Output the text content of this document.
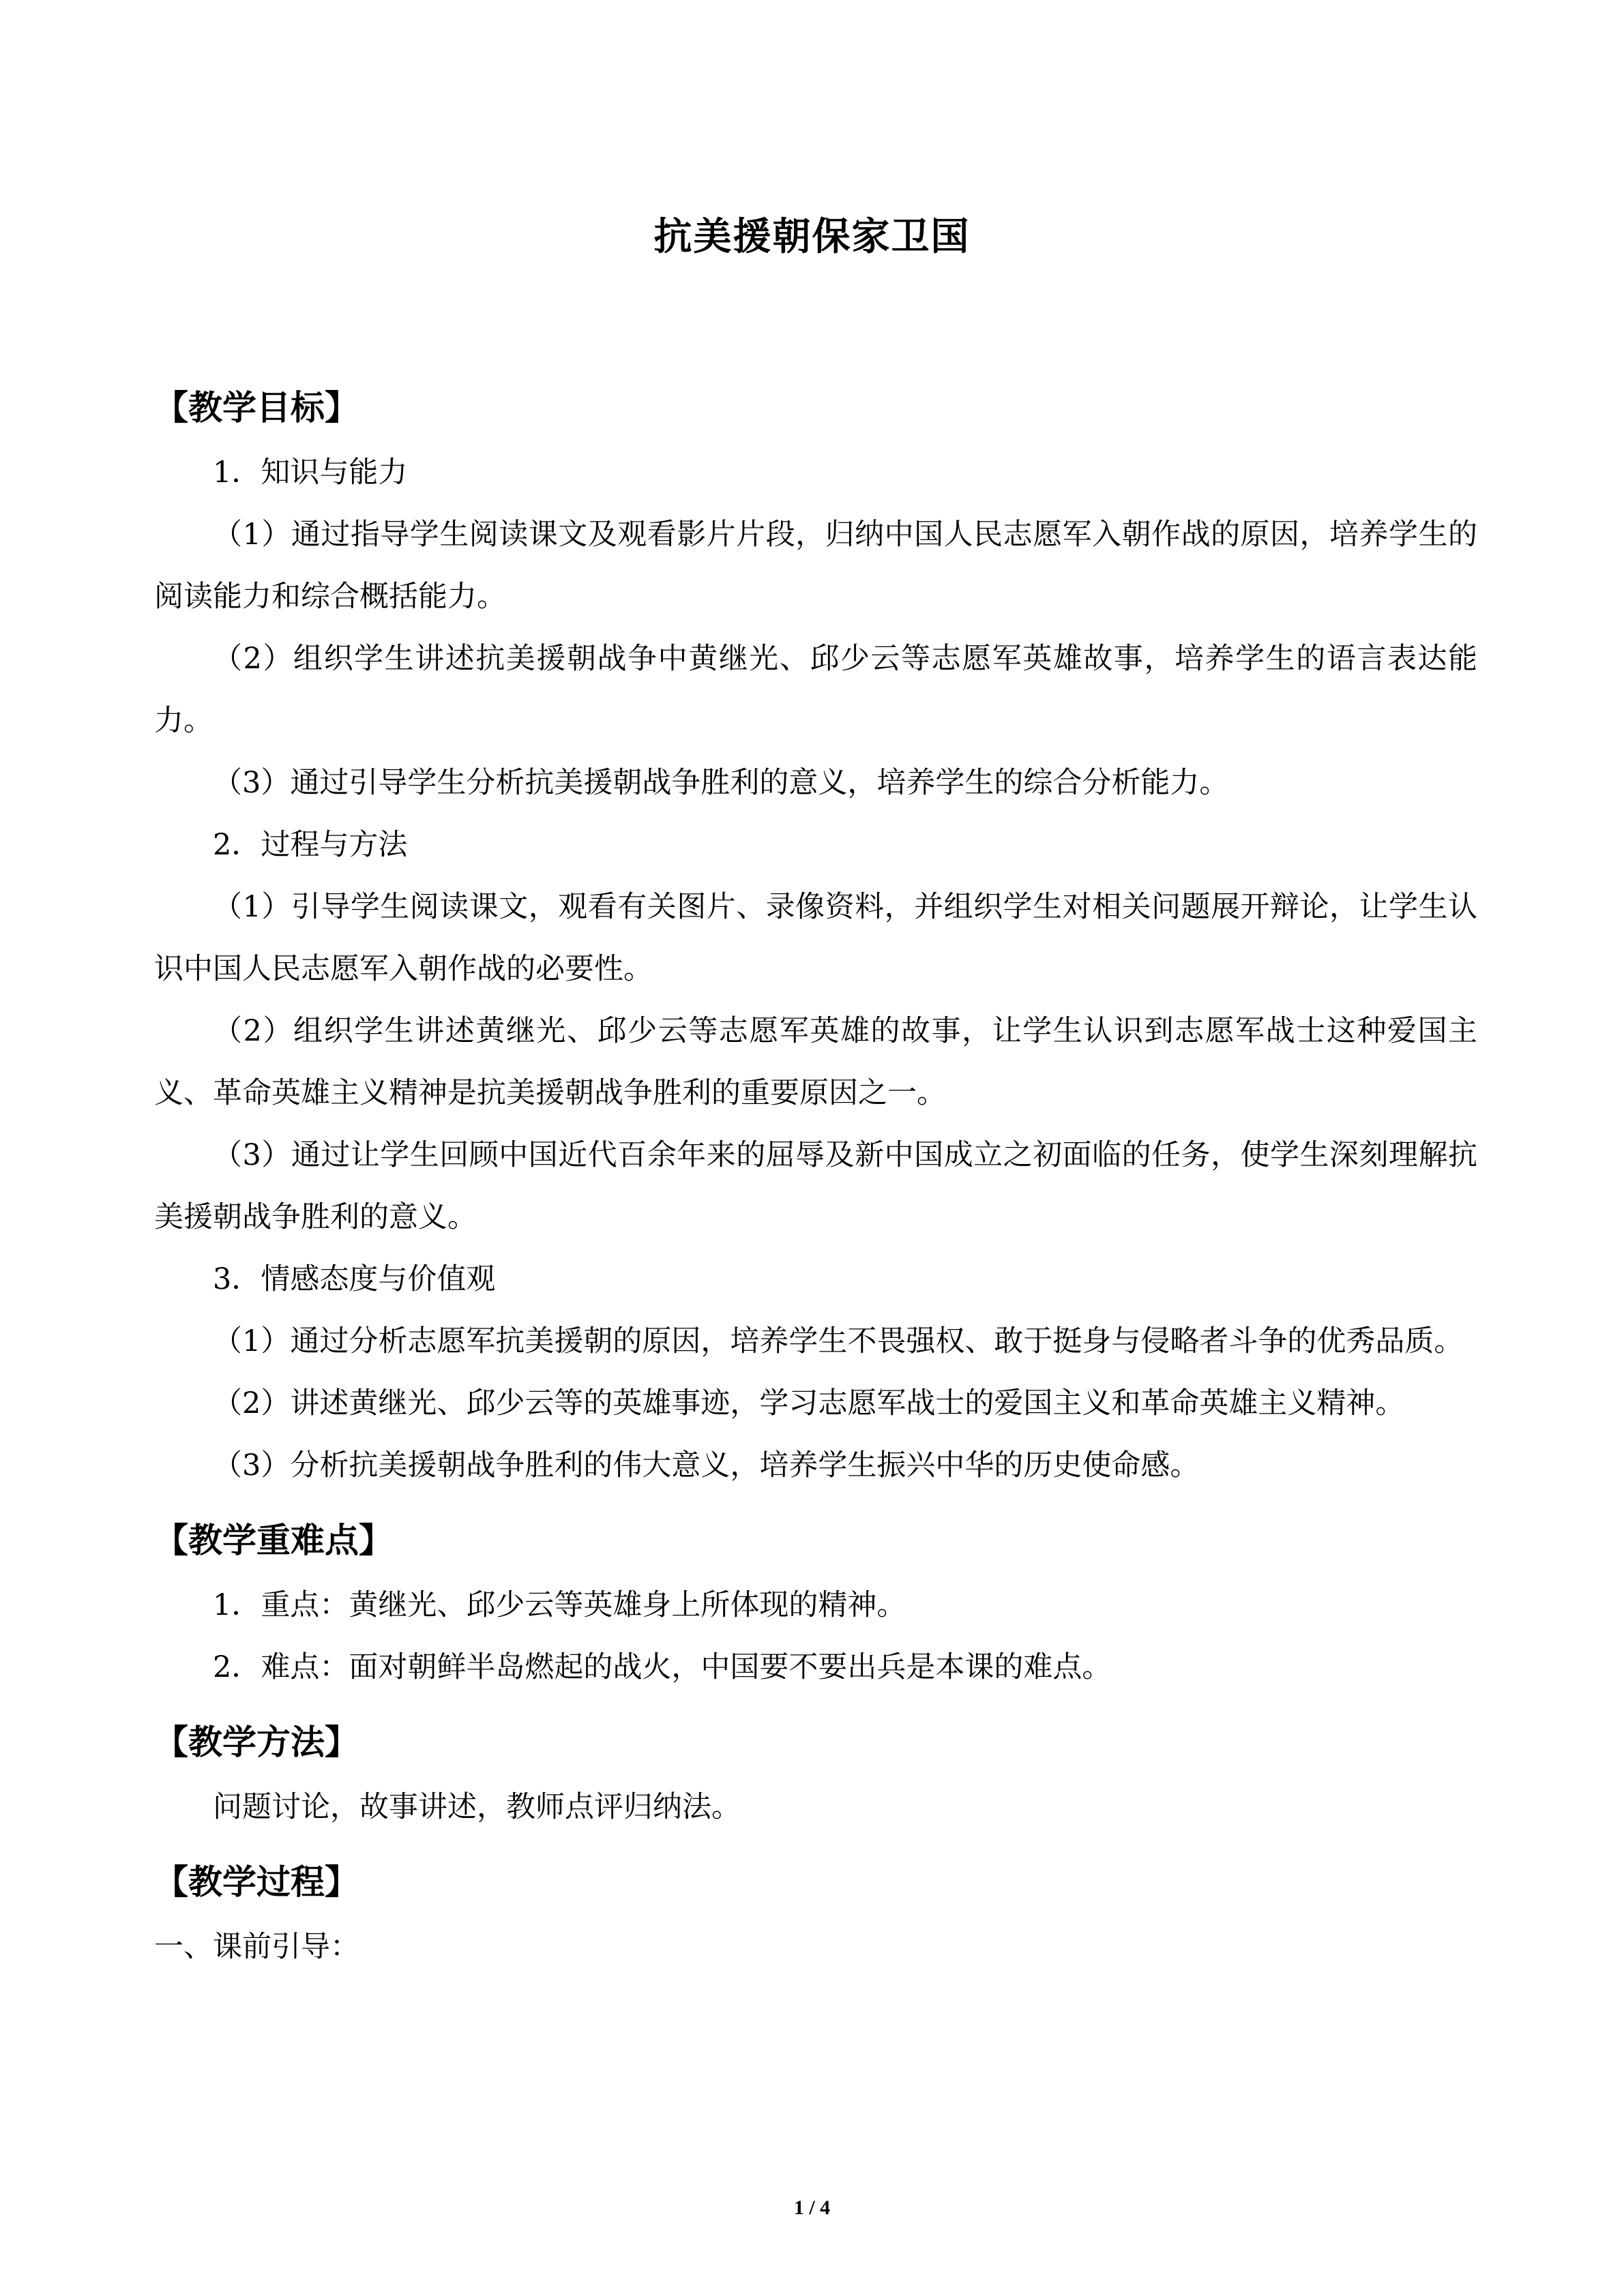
抗美援朝保家卫国

【教学目标】

1．知识与能力

（1）通过指导学生阅读课文及观看影片片段，归纳中国人民志愿军入朝作战的原因，培养学生的阅读能力和综合概括能力。

（2）组织学生讲述抗美援朝战争中黄继光、邱少云等志愿军英雄故事，培养学生的语言表达能力。

（3）通过引导学生分析抗美援朝战争胜利的意义，培养学生的综合分析能力。

2．过程与方法

（1）引导学生阅读课文，观看有关图片、录像资料，并组织学生对相关问题展开辩论，让学生认识中国人民志愿军入朝作战的必要性。

（2）组织学生讲述黄继光、邱少云等志愿军英雄的故事，让学生认识到志愿军战士这种爱国主义、革命英雄主义精神是抗美援朝战争胜利的重要原因之一。

（3）通过让学生回顾中国近代百余年来的屈辱及新中国成立之初面临的任务，使学生深刻理解抗美援朝战争胜利的意义。

3．情感态度与价值观

（1）通过分析志愿军抗美援朝的原因，培养学生不畏强权、敢于挺身与侵略者斗争的优秀品质。

（2）讲述黄继光、邱少云等的英雄事迹，学习志愿军战士的爱国主义和革命英雄主义精神。

（3）分析抗美援朝战争胜利的伟大意义，培养学生振兴中华的历史使命感。

【教学重难点】

1．重点：黄继光、邱少云等英雄身上所体现的精神。

2．难点：面对朝鲜半岛燃起的战火，中国要不要出兵是本课的难点。

【教学方法】

问题讨论，故事讲述，教师点评归纳法。

【教学过程】

一、课前引导：

1 / 4
